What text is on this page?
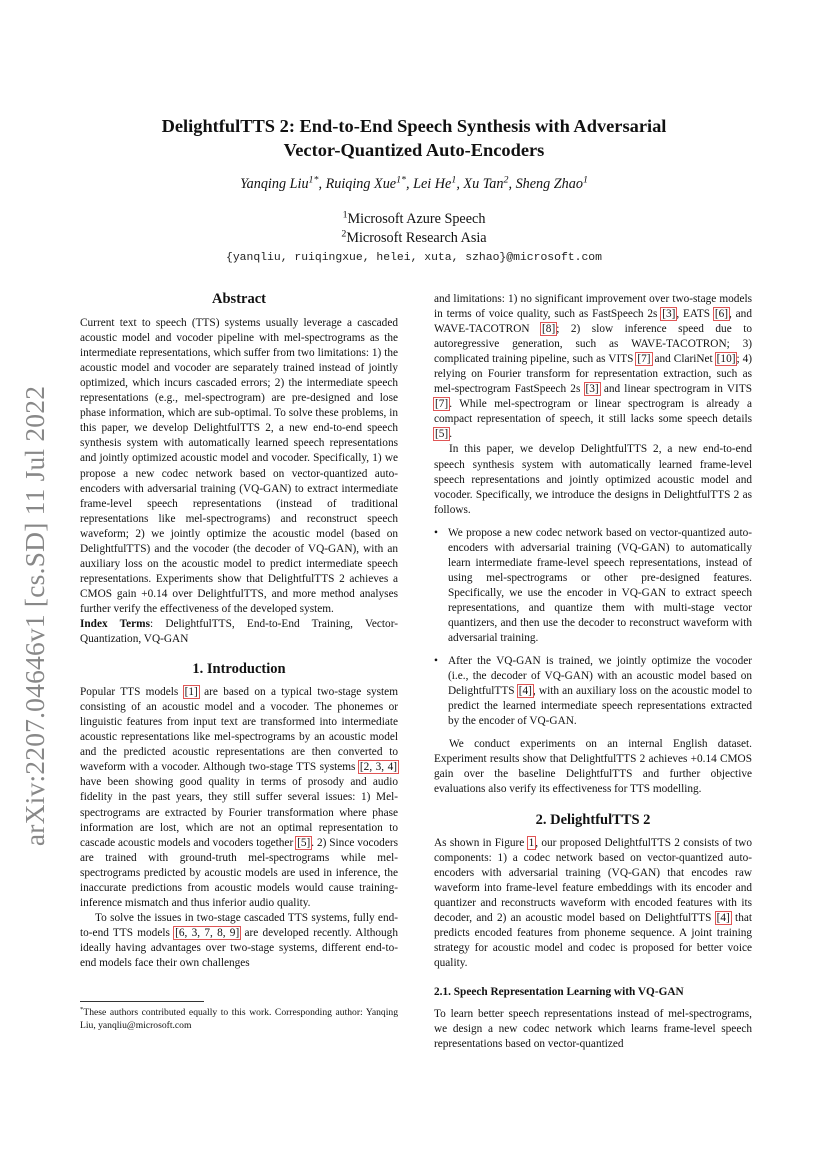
arXiv:2207.04646v1 [cs.SD] 11 Jul 2022
DelightfulTTS 2: End-to-End Speech Synthesis with Adversarial
Vector-Quantized Auto-Encoders
Yanqing Liu$^{1*}$, Ruiqing Xue$^{1*}$, Lei He$^1$, Xu Tan$^2$, Sheng Zhao$^1$
$^1$Microsoft Azure Speech
$^2$Microsoft Research Asia
{yanqliu, ruiqingxue, helei, xuta, szhao}@microsoft.com

Abstract

Current text to speech (TTS) systems usually leverage a cascaded acoustic model and vocoder pipeline with mel-spectrograms as the intermediate representations, which suffer from two limitations: 1) the acoustic model and vocoder are separately trained instead of jointly optimized, which incurs cascaded errors; 2) the intermediate speech representations (e.g., mel-spectrogram) are pre-designed and lose phase information, which are sub-optimal. To solve these problems, in this paper, we develop DelightfulTTS 2, a new end-to-end speech synthesis system with automatically learned speech representations and jointly optimized acoustic model and vocoder. Specifically, 1) we propose a new codec network based on vector-quantized auto-encoders with adversarial training (VQ-GAN) to extract intermediate frame-level speech representations (instead of traditional representations like mel-spectrograms) and reconstruct speech waveform; 2) we jointly optimize the acoustic model (based on DelightfulTTS) and the vocoder (the decoder of VQ-GAN), with an auxiliary loss on the acoustic model to predict intermediate speech representations. Experiments show that DelightfulTTS 2 achieves a CMOS gain +0.14 over DelightfulTTS, and more method analyses further verify the effectiveness of the developed system.

Index Terms: DelightfulTTS, End-to-End Training, Vector-Quantization, VQ-GAN

1. Introduction

Popular TTS models [1] are based on a typical two-stage system consisting of an acoustic model and a vocoder. The phonemes or linguistic features from input text are transformed into intermediate acoustic representations like mel-spectrograms by an acoustic model and the predicted acoustic representations are then converted to waveform with a vocoder. Although two-stage TTS systems [2, 3, 4] have been showing good quality in terms of prosody and audio fidelity in the past years, they still suffer several issues: 1) Mel-spectrograms are extracted by Fourier transformation where phase information are lost, which are not an optimal representation to cascade acoustic models and vocoders together [5]. 2) Since vocoders are trained with ground-truth mel-spectrograms while mel-spectrograms predicted by acoustic models are used in inference, the inaccurate predictions from acoustic models would cause training-inference mismatch and thus inferior audio quality.

To solve the issues in two-stage cascaded TTS systems, fully end-to-end TTS models [6, 3, 7, 8, 9] are developed recently. Although ideally having advantages over two-stage systems, different end-to-end models face their own challenges

*These authors contributed equally to this work. Corresponding author: Yanqing Liu, yanqliu@microsoft.com

and limitations: 1) no significant improvement over two-stage models in terms of voice quality, such as FastSpeech 2s [3], EATS [6], and WAVE-TACOTRON [8]; 2) slow inference speed due to autoregressive generation, such as WAVE-TACOTRON; 3) complicated training pipeline, such as VITS [7] and ClariNet [10]; 4) relying on Fourier transform for representation extraction, such as mel-spectrogram FastSpeech 2s [3] and linear spectrogram in VITS [7]. While mel-spectrogram or linear spectrogram is already a compact representation of speech, it still lacks some speech details [5].

In this paper, we develop DelightfulTTS 2, a new end-to-end speech synthesis system with automatically learned frame-level speech representations and jointly optimized acoustic model and vocoder. Specifically, we introduce the designs in DelightfulTTS 2 as follows.

• We propose a new codec network based on vector-quantized auto-encoders with adversarial training (VQ-GAN) to automatically learn intermediate frame-level speech representations, instead of using mel-spectrograms or other pre-designed features. Specifically, we use the encoder in VQ-GAN to extract speech representations, and quantize them with multi-stage vector quantizers, and then use the decoder to reconstruct waveform with adversarial training.
• After the VQ-GAN is trained, we jointly optimize the vocoder (i.e., the decoder of VQ-GAN) with an acoustic model based on DelightfulTTS [4], with an auxiliary loss on the acoustic model to predict the learned intermediate speech representations extracted by the encoder of VQ-GAN.

We conduct experiments on an internal English dataset. Experiment results show that DelightfulTTS 2 achieves +0.14 CMOS gain over the baseline DelightfulTTS and further objective evaluations also verify its effectiveness for TTS modelling.

2. DelightfulTTS 2

As shown in Figure 1, our proposed DelightfulTTS 2 consists of two components: 1) a codec network based on vector-quantized auto-encoders with adversarial training (VQ-GAN) that encodes raw waveform into frame-level feature embeddings with its encoder and quantizer and reconstructs waveform with encoded features with its decoder, and 2) an acoustic model based on DelightfulTTS [4] that predicts encoded features from phoneme sequence. A joint training strategy for acoustic model and codec is proposed for better voice quality.

2.1. Speech Representation Learning with VQ-GAN

To learn better speech representations instead of mel-spectrograms, we design a new codec network which learns frame-level speech representations based on vector-quantized
